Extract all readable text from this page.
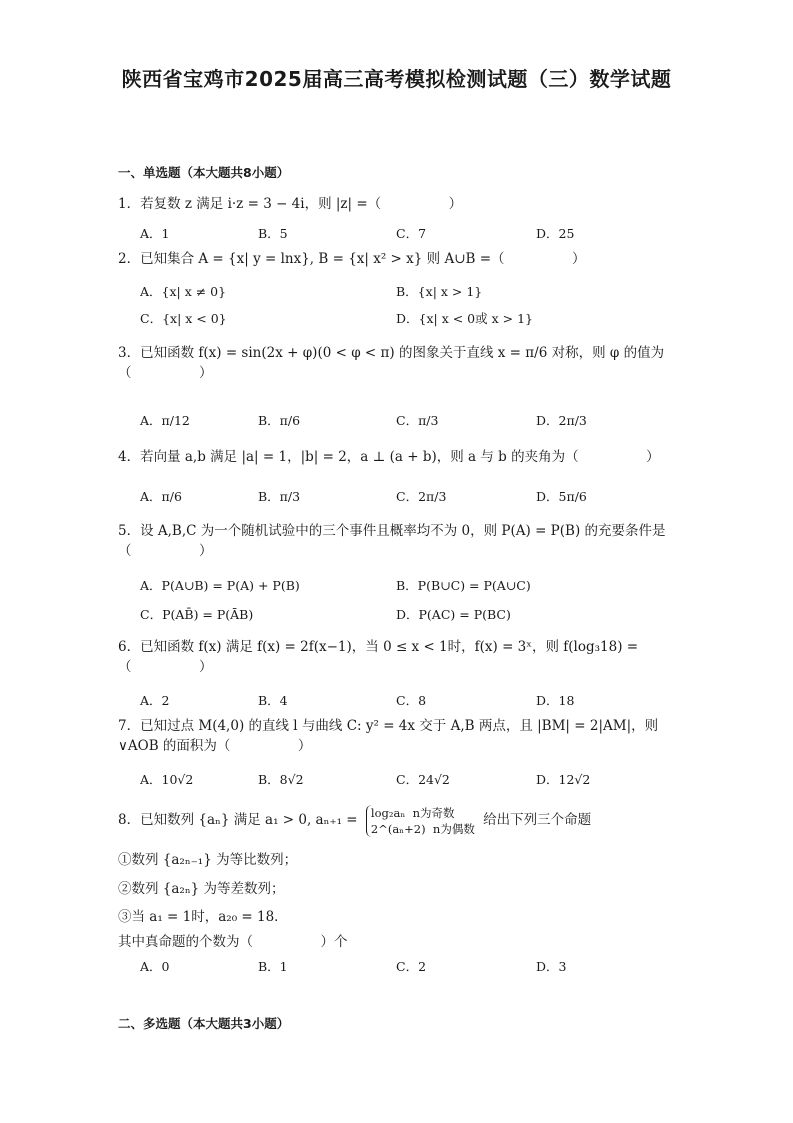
陕西省宝鸡市2025届高三高考模拟检测试题（三）数学试题
一、单选题（本大题共8小题）
1．若复数 z 满足 i·z = 3 − 4i，则 |z| =（　　　　　）
A．1	B．5	C．7	D．25
2．已知集合 A = {x| y = lnx}, B = {x| x² > x} 则 A∪B =（　　　　　）
A．{x| x ≠ 0}	B．{x| x > 1}
C．{x| x < 0}	D．{x| x < 0或 x > 1}
3．已知函数 f(x) = sin(2x + φ)(0 < φ < π) 的图象关于直线 x = π/6 对称，则 φ 的值为（　　　　　）
A．π/12	B．π/6	C．π/3	D．2π/3
4．若向量 a,b 满足 |a| = 1，|b| = 2，a ⊥ (a + b)，则 a 与 b 的夹角为（　　　　　）
A．π/6	B．π/3	C．2π/3	D．5π/6
5．设 A,B,C 为一个随机试验中的三个事件且概率均不为 0，则 P(A) = P(B) 的充要条件是（　　　　　）
A．P(A∪B) = P(A) + P(B)	B．P(B∪C) = P(A∪C)
C．P(AB̄) = P(ĀB)	D．P(AC) = P(BC)
6．已知函数 f(x) 满足 f(x) = 2f(x−1)，当 0 ≤ x < 1时，f(x) = 3ˣ，则 f(log₃18) =（　　　　　）
A．2	B．4	C．8	D．18
7．已知过点 M(4,0) 的直线 l 与曲线 C: y² = 4x 交于 A,B 两点，且 |BM| = 2|AM|，则 ∨AOB 的面积为（　　　　　）
A．10√2	B．8√2	C．24√2	D．12√2
8．已知数列 {aₙ} 满足 a₁ > 0, aₙ₊₁ = log₂aₙ n为奇数
2^(aₙ+2) n为偶数
给出下列三个命题
①数列 {a₂ₙ₋₁} 为等比数列；
②数列 {a₂ₙ} 为等差数列；
③当 a₁ = 1时，a₂₀ = 18．
其中真命题的个数为（　　　　　）个
A．0	B．1	C．2	D．3
二、多选题（本大题共3小题）
